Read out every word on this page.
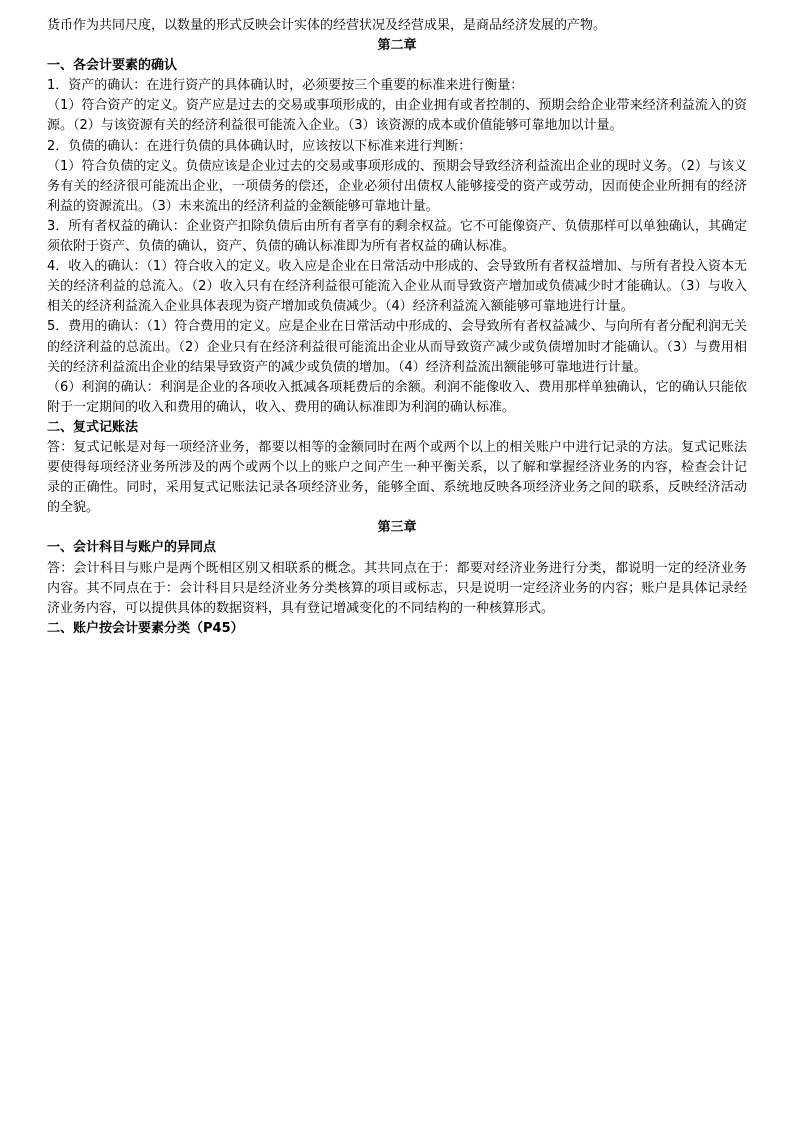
货币作为共同尺度，以数量的形式反映会计实体的经营状况及经营成果，是商品经济发展的产物。

第二章

一、各会计要素的确认

1．资产的确认：在进行资产的具体确认时，必须要按三个重要的标准来进行衡量：

（1）符合资产的定义。资产应是过去的交易或事项形成的，由企业拥有或者控制的、预期会给企业带来经济利益流入的资源。（2）与该资源有关的经济利益很可能流入企业。（3）该资源的成本或价值能够可靠地加以计量。

2．负债的确认：在进行负债的具体确认时，应该按以下标准来进行判断：

（1）符合负债的定义。负债应该是企业过去的交易或事项形成的、预期会导致经济利益流出企业的现时义务。（2）与该义务有关的经济很可能流出企业，一项债务的偿还，企业必须付出债权人能够接受的资产或劳动，因而使企业所拥有的经济利益的资源流出。（3）未来流出的经济利益的金额能够可靠地计量。

3．所有者权益的确认：企业资产扣除负债后由所有者享有的剩余权益。它不可能像资产、负债那样可以单独确认，其确定须依附于资产、负债的确认，资产、负债的确认标准即为所有者权益的确认标准。

4．收入的确认：（1）符合收入的定义。收入应是企业在日常活动中形成的、会导致所有者权益增加、与所有者投入资本无关的经济利益的总流入。（2）收入只有在经济利益很可能流入企业从而导致资产增加或负债减少时才能确认。（3）与收入相关的经济利益流入企业具体表现为资产增加或负债减少。（4）经济利益流入额能够可靠地进行计量。

5．费用的确认：（1）符合费用的定义。应是企业在日常活动中形成的、会导致所有者权益减少、与向所有者分配利润无关的经济利益的总流出。（2）企业只有在经济利益很可能流出企业从而导致资产减少或负债增加时才能确认。（3）与费用相关的经济利益流出企业的结果导致资产的减少或负债的增加。（4）经济利益流出额能够可靠地进行计量。

（6）利润的确认：利润是企业的各项收入抵减各项耗费后的余额。利润不能像收入、费用那样单独确认，它的确认只能依附于一定期间的收入和费用的确认，收入、费用的确认标准即为利润的确认标准。

二、复式记账法

答：复式记帐是对每一项经济业务，都要以相等的金额同时在两个或两个以上的相关账户中进行记录的方法。复式记账法要使得每项经济业务所涉及的两个或两个以上的账户之间产生一种平衡关系，以了解和掌握经济业务的内容，检查会计记录的正确性。同时，采用复式记账法记录各项经济业务，能够全面、系统地反映各项经济业务之间的联系，反映经济活动的全貌。

第三章

一、会计科目与账户的异同点

答：会计科目与账户是两个既相区别又相联系的概念。其共同点在于：都要对经济业务进行分类，都说明一定的经济业务内容。其不同点在于：会计科目只是经济业务分类核算的项目或标志，只是说明一定经济业务的内容；账户是具体记录经济业务内容，可以提供具体的数据资料，具有登记增减变化的不同结构的一种核算形式。

二、账户按会计要素分类（P45）
